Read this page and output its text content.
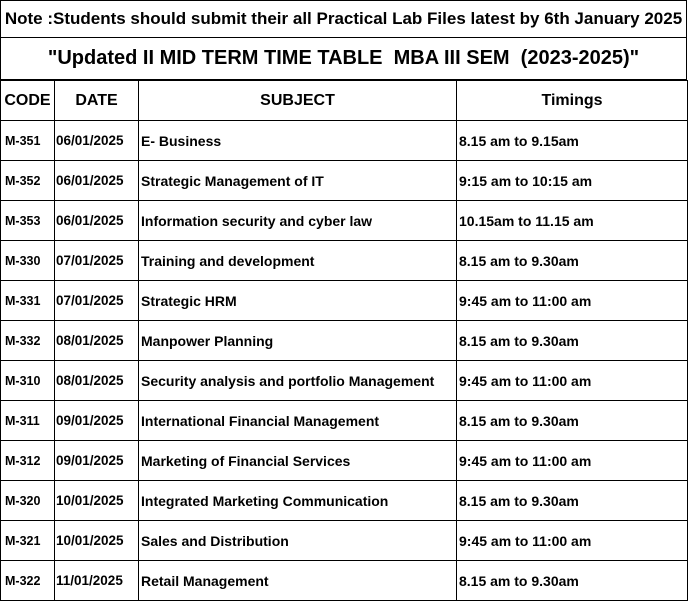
Note :Students should submit their all Practical Lab Files latest by 6th January 2025
"Updated II MID TERM TIME TABLE  MBA III SEM  (2023-2025)"
CODE	DATE	SUBJECT	Timings
M-351	06/01/2025	E- Business	8.15 am to 9.15am
M-352	06/01/2025	Strategic Management of IT	9:15 am to 10:15 am
M-353	06/01/2025	Information security and cyber law	10.15am to 11.15 am
M-330	07/01/2025	Training and development	8.15 am to 9.30am
M-331	07/01/2025	Strategic HRM	9:45 am to 11:00 am
M-332	08/01/2025	Manpower Planning	8.15 am to 9.30am
M-310	08/01/2025	Security analysis and portfolio Management	9:45 am to 11:00 am
M-311	09/01/2025	International Financial Management	8.15 am to 9.30am
M-312	09/01/2025	Marketing of Financial Services	9:45 am to 11:00 am
M-320	10/01/2025	Integrated Marketing Communication	8.15 am to 9.30am
M-321	10/01/2025	Sales and Distribution	9:45 am to 11:00 am
M-322	11/01/2025	Retail Management	8.15 am to 9.30am
